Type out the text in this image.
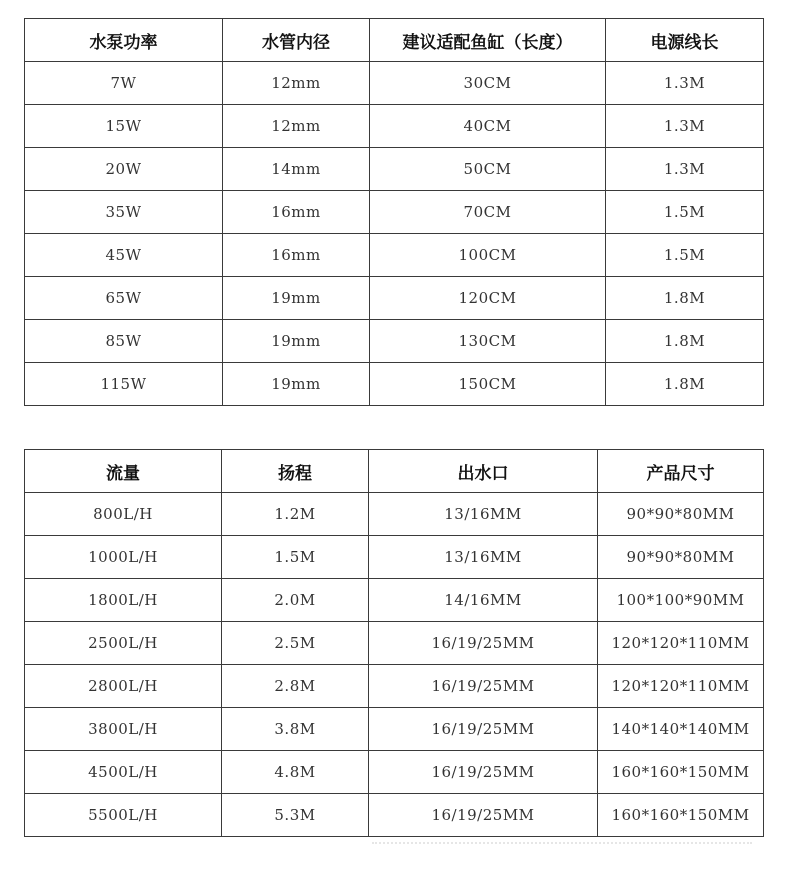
水泵功率	水管内径	建议适配鱼缸（长度）	电源线长
7W	12mm	30CM	1.3M
15W	12mm	40CM	1.3M
20W	14mm	50CM	1.3M
35W	16mm	70CM	1.5M
45W	16mm	100CM	1.5M
65W	19mm	120CM	1.8M
85W	19mm	130CM	1.8M
115W	19mm	150CM	1.8M
流量	扬程	出水口	产品尺寸
800L/H	1.2M	13/16MM	90*90*80MM
1000L/H	1.5M	13/16MM	90*90*80MM
1800L/H	2.0M	14/16MM	100*100*90MM
2500L/H	2.5M	16/19/25MM	120*120*110MM
2800L/H	2.8M	16/19/25MM	120*120*110MM
3800L/H	3.8M	16/19/25MM	140*140*140MM
4500L/H	4.8M	16/19/25MM	160*160*150MM
5500L/H	5.3M	16/19/25MM	160*160*150MM
